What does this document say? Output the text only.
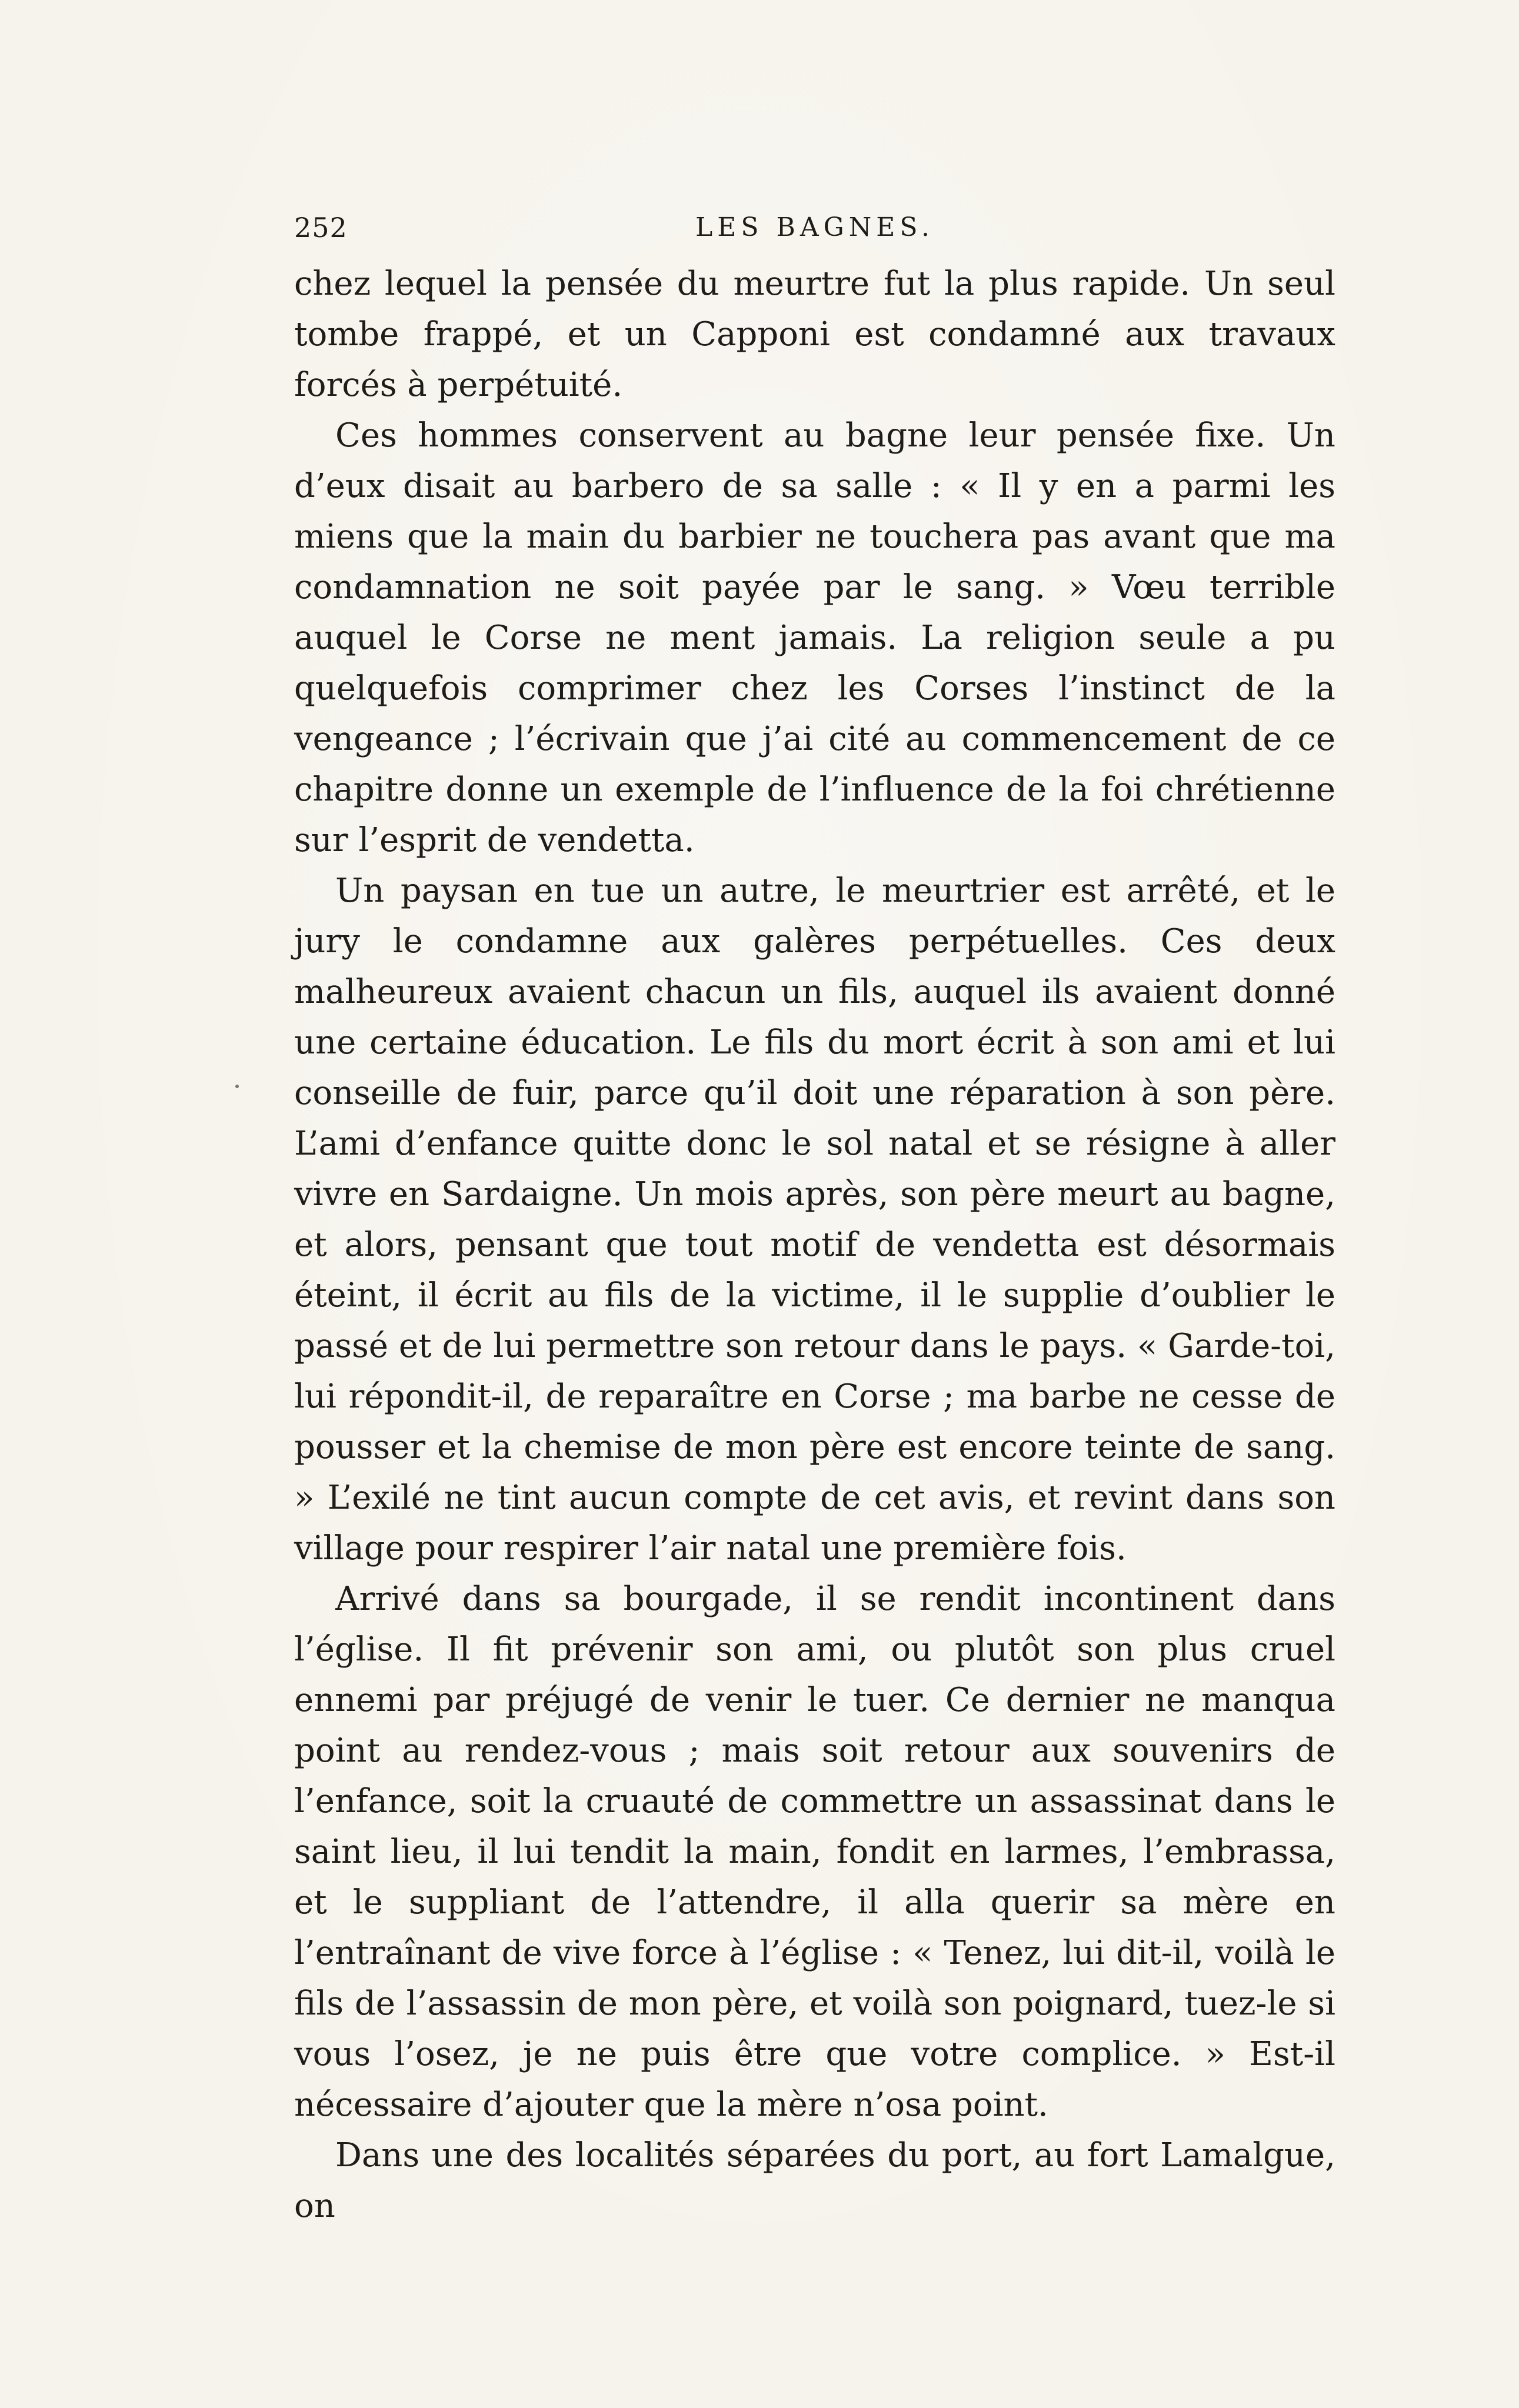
252	LES BAGNES.

chez lequel la pensée du meurtre fut la plus rapide. Un seul tombe frappé, et un Capponi est condamné aux travaux forcés à perpétuité.

Ces hommes conservent au bagne leur pensée fixe. Un d’eux disait au barbero de sa salle : « Il y en a parmi les miens que la main du barbier ne touchera pas avant que ma condamnation ne soit payée par le sang. » Vœu terrible auquel le Corse ne ment jamais. La religion seule a pu quelquefois comprimer chez les Corses l’instinct de la vengeance ; l’écrivain que j’ai cité au commencement de ce chapitre donne un exemple de l’influence de la foi chrétienne sur l’esprit de vendetta.

Un paysan en tue un autre, le meurtrier est arrêté, et le jury le condamne aux galères perpétuelles. Ces deux malheureux avaient chacun un fils, auquel ils avaient donné une certaine éducation. Le fils du mort écrit à son ami et lui conseille de fuir, parce qu’il doit une réparation à son père. L’ami d’enfance quitte donc le sol natal et se résigne à aller vivre en Sardaigne. Un mois après, son père meurt au bagne, et alors, pensant que tout motif de vendetta est désormais éteint, il écrit au fils de la victime, il le supplie d’oublier le passé et de lui permettre son retour dans le pays. « Garde-toi, lui répondit-il, de reparaître en Corse ; ma barbe ne cesse de pousser et la chemise de mon père est encore teinte de sang. » L’exilé ne tint aucun compte de cet avis, et revint dans son village pour respirer l’air natal une première fois.

Arrivé dans sa bourgade, il se rendit incontinent dans l’église. Il fit prévenir son ami, ou plutôt son plus cruel ennemi par préjugé de venir le tuer. Ce dernier ne manqua point au rendez-vous ; mais soit retour aux souvenirs de l’enfance, soit la cruauté de commettre un assassinat dans le saint lieu, il lui tendit la main, fondit en larmes, l’embrassa, et le suppliant de l’attendre, il alla querir sa mère en l’entraînant de vive force à l’église : « Tenez, lui dit-il, voilà le fils de l’assassin de mon père, et voilà son poignard, tuez-le si vous l’osez, je ne puis être que votre complice. » Est-il nécessaire d’ajouter que la mère n’osa point.

Dans une des localités séparées du port, au fort Lamalgue, on
